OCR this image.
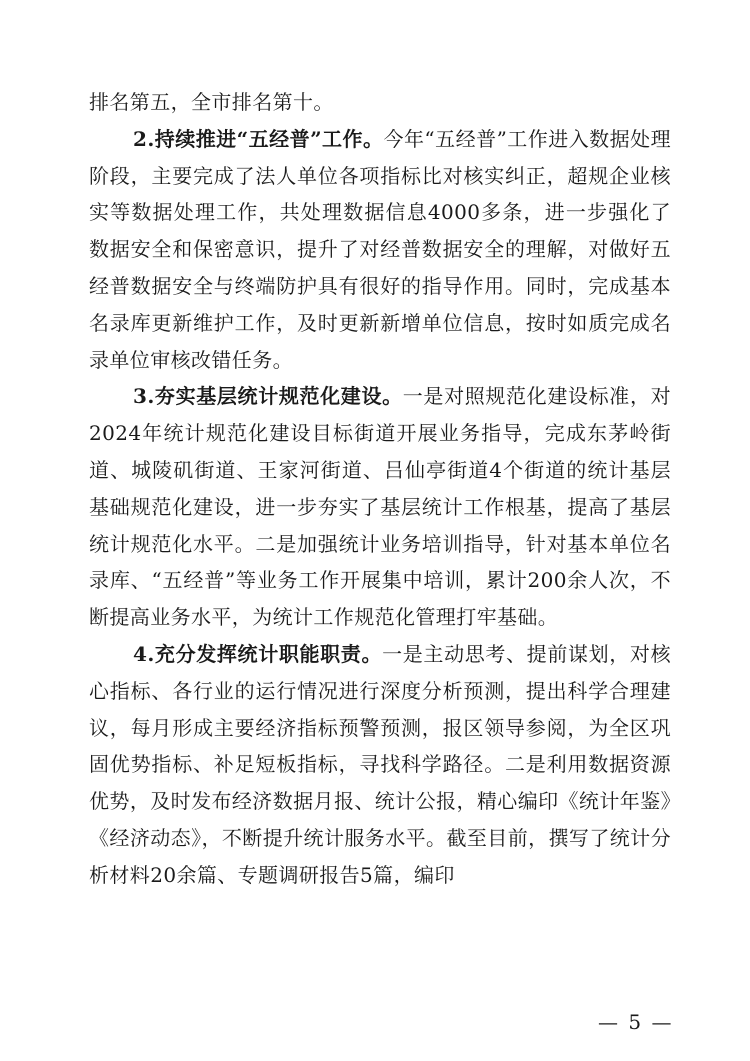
排名第五，全市排名第十。

2.持续推进“五经普”工作。今年“五经普”工作进入数据处理阶段，主要完成了法人单位各项指标比对核实纠正，超规企业核实等数据处理工作，共处理数据信息4000多条，进一步强化了数据安全和保密意识，提升了对经普数据安全的理解，对做好五经普数据安全与终端防护具有很好的指导作用。同时，完成基本名录库更新维护工作，及时更新新增单位信息，按时如质完成名录单位审核改错任务。

3.夯实基层统计规范化建设。一是对照规范化建设标准，对2024年统计规范化建设目标街道开展业务指导，完成东茅岭街道、城陵矶街道、王家河街道、吕仙亭街道4个街道的统计基层基础规范化建设，进一步夯实了基层统计工作根基，提高了基层统计规范化水平。二是加强统计业务培训指导，针对基本单位名录库、“五经普”等业务工作开展集中培训，累计200余人次，不断提高业务水平，为统计工作规范化管理打牢基础。

4.充分发挥统计职能职责。一是主动思考、提前谋划，对核心指标、各行业的运行情况进行深度分析预测，提出科学合理建议，每月形成主要经济指标预警预测，报区领导参阅，为全区巩固优势指标、补足短板指标，寻找科学路径。二是利用数据资源优势，及时发布经济数据月报、统计公报，精心编印《统计年鉴》《经济动态》，不断提升统计服务水平。截至目前，撰写了统计分析材料20余篇、专题调研报告5篇，编印

— 5 —
